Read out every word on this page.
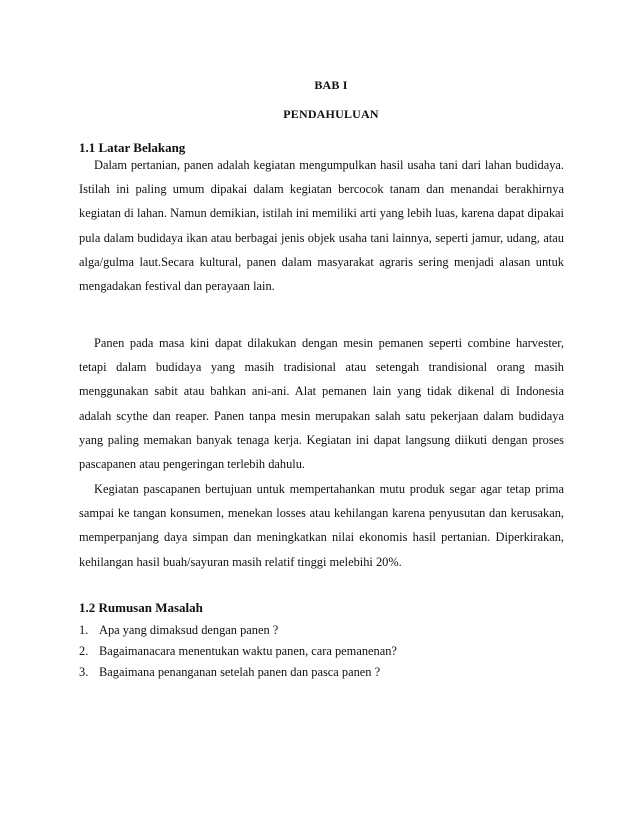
BAB I
PENDAHULUAN
1.1 Latar Belakang

Dalam pertanian, panen adalah kegiatan mengumpulkan hasil usaha tani dari lahan budidaya. Istilah ini paling umum dipakai dalam kegiatan bercocok tanam dan menandai berakhirnya kegiatan di lahan. Namun demikian, istilah ini memiliki arti yang lebih luas, karena dapat dipakai pula dalam budidaya ikan atau berbagai jenis objek usaha tani lainnya, seperti jamur, udang, atau alga/gulma laut.Secara kultural, panen dalam masyarakat agraris sering menjadi alasan untuk mengadakan festival dan perayaan lain.

Panen pada masa kini dapat dilakukan dengan mesin pemanen seperti combine harvester, tetapi dalam budidaya yang masih tradisional atau setengah trandisional orang masih menggunakan sabit atau bahkan ani-ani. Alat pemanen lain yang tidak dikenal di Indonesia adalah scythe dan reaper. Panen tanpa mesin merupakan salah satu pekerjaan dalam budidaya yang paling memakan banyak tenaga kerja. Kegiatan ini dapat langsung diikuti dengan proses pascapanen atau pengeringan terlebih dahulu.

Kegiatan pascapanen bertujuan untuk mempertahankan mutu produk segar agar tetap prima sampai ke tangan konsumen, menekan losses atau kehilangan karena penyusutan dan kerusakan, memperpanjang daya simpan dan meningkatkan nilai ekonomis hasil pertanian. Diperkirakan, kehilangan hasil buah/sayuran masih relatif tinggi melebihi 20%.

1.2 Rumusan Masalah
1. Apa yang dimaksud dengan panen ?
2. Bagaimanacara menentukan waktu panen, cara pemanenan?
3. Bagaimana penanganan setelah panen dan pasca panen ?
